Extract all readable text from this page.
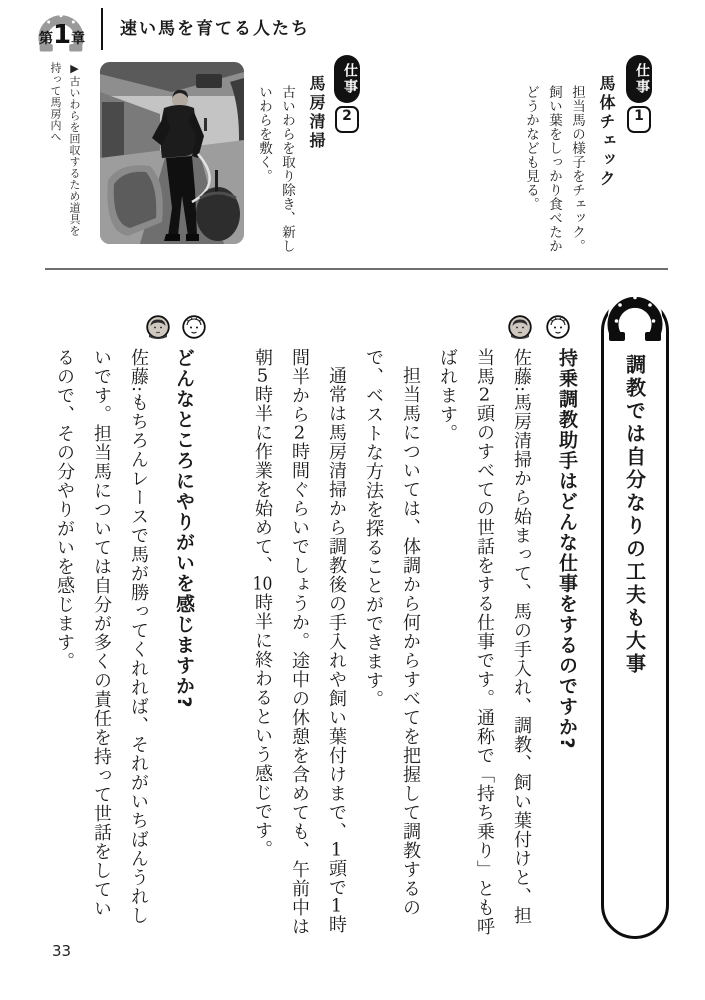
第1章	速い馬を育てる人たち
仕事
1
馬体チェック

担当馬の様子をチェック。飼い葉をしっかり食べたかどうかなども見る。

仕事
2
馬房清掃

古いわらを取り除き、新しいわらを敷く。

▶古いわらを回収するため道具を持って馬房内へ

調教では自分なりの工夫も大事
持乗調教助手はどんな仕事をするのですか?

佐藤:馬房清掃から始まって、馬の手入れ、調教、飼い葉付けと、担当馬2頭のすべての世話をする仕事です。通称で「持ち乗り」とも呼ばれます。

担当馬については、体調から何からすべてを把握して調教するので、ベストな方法を探ることができます。

通常は馬房清掃から調教後の手入れや飼い葉付けまで、1頭で1時間半から2時間ぐらいでしょうか。途中の休憩を含めても、午前中は朝5時半に作業を始めて、10時半に終わるという感じです。

どんなところにやりがいを感じますか?

佐藤:もちろんレースで馬が勝ってくれれば、それがいちばんうれしいです。担当馬については自分が多くの責任を持って世話をしているので、その分やりがいを感じます。

33
